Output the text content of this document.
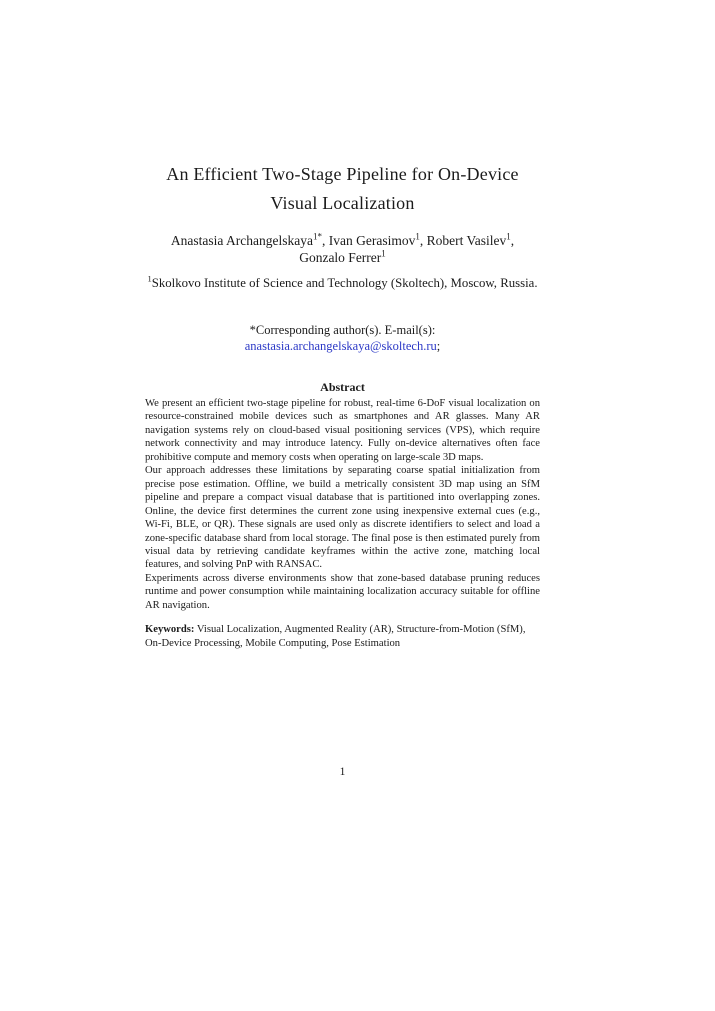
An Efficient Two-Stage Pipeline for On-Device
Visual Localization
Anastasia Archangelskaya$^{1*}$, Ivan Gerasimov$^1$, Robert Vasilev$^1$, Gonzalo Ferrer$^1$
$^1$Skolkovo Institute of Science and Technology (Skoltech), Moscow, Russia.
*Corresponding author(s). E-mail(s):
anastasia.archangelskaya@skoltech.ru;
Abstract

We present an efficient two-stage pipeline for robust, real-time 6-DoF visual localization on resource-constrained mobile devices such as smartphones and AR glasses. Many AR navigation systems rely on cloud-based visual positioning services (VPS), which require network connectivity and may introduce latency. Fully on-device alternatives often face prohibitive compute and memory costs when operating on large-scale 3D maps.

Our approach addresses these limitations by separating coarse spatial initialization from precise pose estimation. Offline, we build a metrically consistent 3D map using an SfM pipeline and prepare a compact visual database that is partitioned into overlapping zones. Online, the device first determines the current zone using inexpensive external cues (e.g., Wi-Fi, BLE, or QR). These signals are used only as discrete identifiers to select and load a zone-specific database shard from local storage. The final pose is then estimated purely from visual data by retrieving candidate keyframes within the active zone, matching local features, and solving PnP with RANSAC.

Experiments across diverse environments show that zone-based database pruning reduces runtime and power consumption while maintaining localization accuracy suitable for offline AR navigation.

Keywords: Visual Localization, Augmented Reality (AR), Structure-from-Motion (SfM), On-Device Processing, Mobile Computing, Pose Estimation
1
